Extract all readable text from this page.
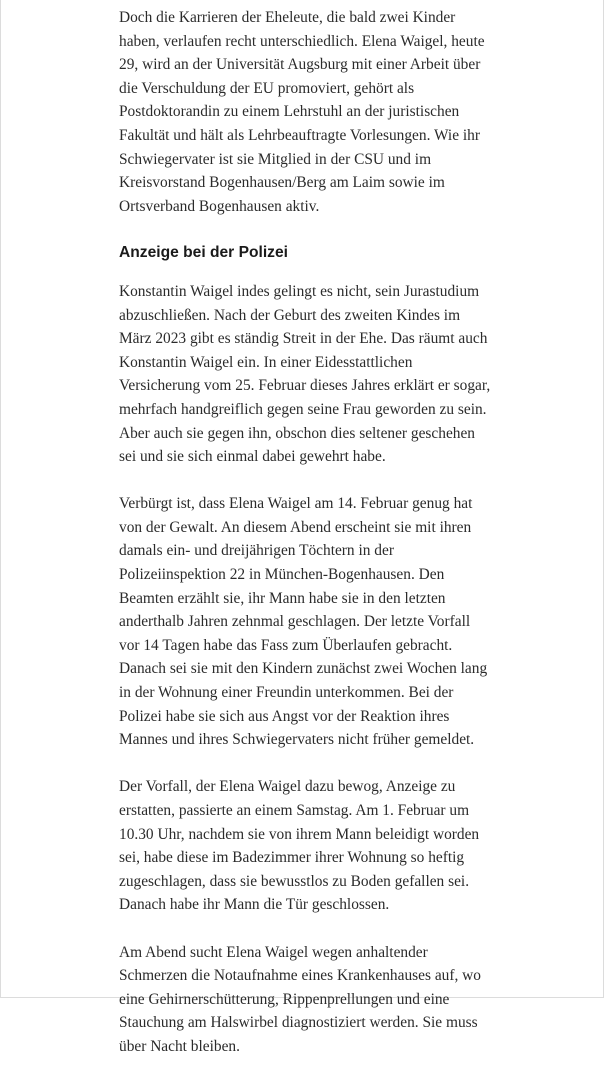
Doch die Karrieren der Eheleute, die bald zwei Kinder haben, verlaufen recht unterschiedlich. Elena Waigel, heute 29, wird an der Universität Augsburg mit einer Arbeit über die Verschuldung der EU promoviert, gehört als Postdoktorandin zu einem Lehrstuhl an der juristischen Fakultät und hält als Lehrbeauftragte Vorlesungen. Wie ihr Schwiegervater ist sie Mitglied in der CSU und im Kreisvorstand Bogenhausen/Berg am Laim sowie im Ortsverband Bogenhausen aktiv.

Anzeige bei der Polizei

Konstantin Waigel indes gelingt es nicht, sein Jurastudium abzuschließen. Nach der Geburt des zweiten Kindes im März 2023 gibt es ständig Streit in der Ehe. Das räumt auch Konstantin Waigel ein. In einer Eidesstattlichen Versicherung vom 25. Februar dieses Jahres erklärt er sogar, mehrfach handgreiflich gegen seine Frau geworden zu sein. Aber auch sie gegen ihn, obschon dies seltener geschehen sei und sie sich einmal dabei gewehrt habe.

Verbürgt ist, dass Elena Waigel am 14. Februar genug hat von der Gewalt. An diesem Abend erscheint sie mit ihren damals ein- und dreijährigen Töchtern in der Polizeiinspektion 22 in München-Bogenhausen. Den Beamten erzählt sie, ihr Mann habe sie in den letzten anderthalb Jahren zehnmal geschlagen. Der letzte Vorfall vor 14 Tagen habe das Fass zum Überlaufen gebracht. Danach sei sie mit den Kindern zunächst zwei Wochen lang in der Wohnung einer Freundin unterkommen. Bei der Polizei habe sie sich aus Angst vor der Reaktion ihres Mannes und ihres Schwiegervaters nicht früher gemeldet.

Der Vorfall, der Elena Waigel dazu bewog, Anzeige zu erstatten, passierte an einem Samstag. Am 1. Februar um 10.30 Uhr, nachdem sie von ihrem Mann beleidigt worden sei, habe diese im Badezimmer ihrer Wohnung so heftig zugeschlagen, dass sie bewusstlos zu Boden gefallen sei. Danach habe ihr Mann die Tür geschlossen.

Am Abend sucht Elena Waigel wegen anhaltender Schmerzen die Notaufnahme eines Krankenhauses auf, wo eine Gehirnerschütterung, Rippenprellungen und eine Stauchung am Halswirbel diagnostiziert werden. Sie muss über Nacht bleiben.
